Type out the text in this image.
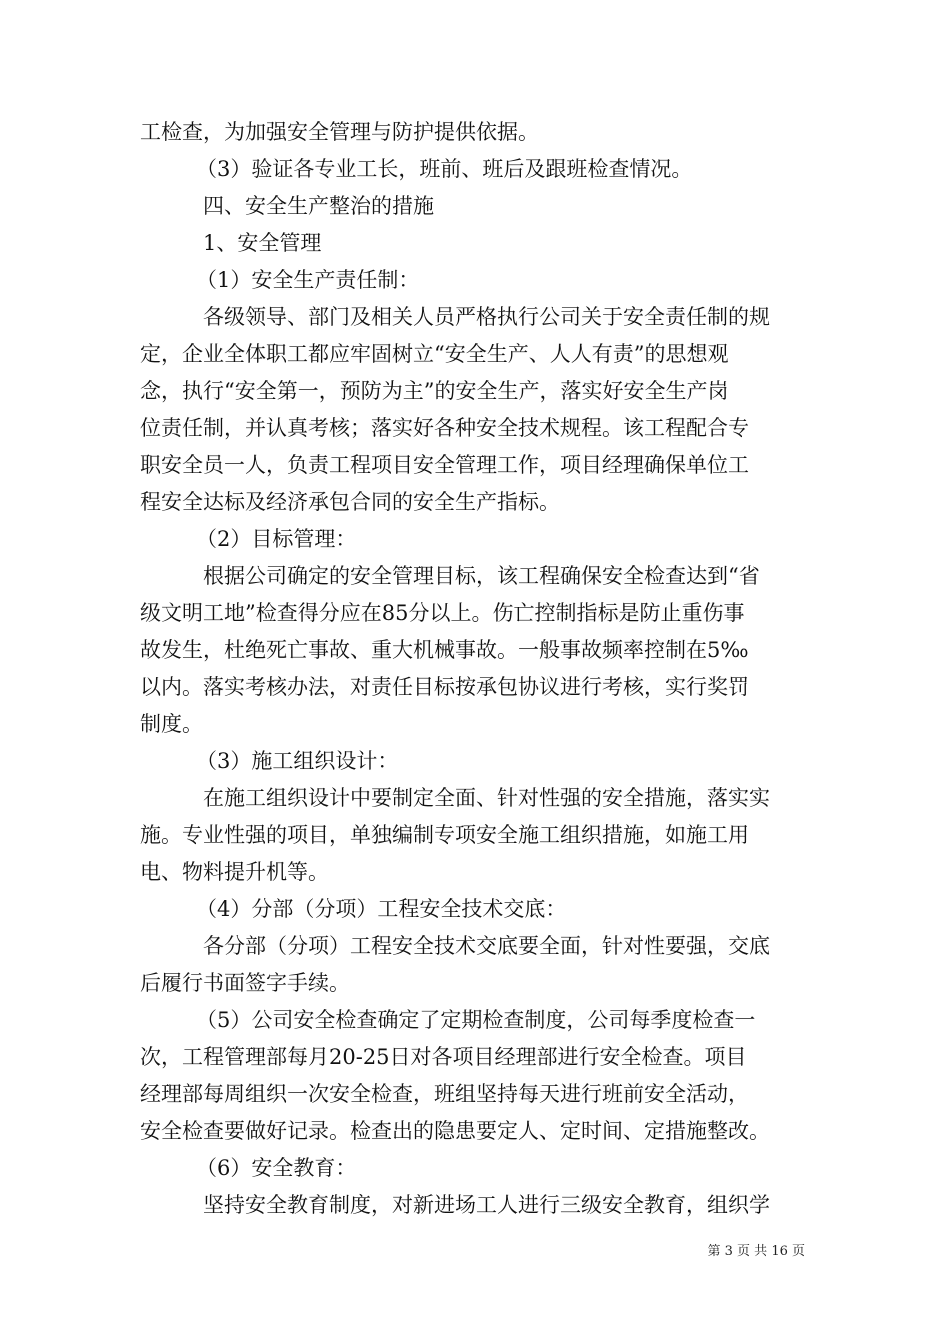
工检查，为加强安全管理与防护提供依据。
（3）验证各专业工长，班前、班后及跟班检查情况。
四、安全生产整治的措施
1、安全管理
（1）安全生产责任制：
各级领导、部门及相关人员严格执行公司关于安全责任制的规
定，企业全体职工都应牢固树立“安全生产、人人有责”的思想观
念，执行“安全第一，预防为主”的安全生产，落实好安全生产岗
位责任制，并认真考核；落实好各种安全技术规程。该工程配合专
职安全员一人，负责工程项目安全管理工作，项目经理确保单位工
程安全达标及经济承包合同的安全生产指标。
（2）目标管理：
根据公司确定的安全管理目标，该工程确保安全检查达到“省
级文明工地”检查得分应在85分以上。伤亡控制指标是防止重伤事
故发生，杜绝死亡事故、重大机械事故。一般事故频率控制在5‰
以内。落实考核办法，对责任目标按承包协议进行考核，实行奖罚
制度。
（3）施工组织设计：
在施工组织设计中要制定全面、针对性强的安全措施，落实实
施。专业性强的项目，单独编制专项安全施工组织措施，如施工用
电、物料提升机等。
（4）分部（分项）工程安全技术交底：
各分部（分项）工程安全技术交底要全面，针对性要强，交底
后履行书面签字手续。
（5）公司安全检查确定了定期检查制度，公司每季度检查一
次，工程管理部每月20-25日对各项目经理部进行安全检查。项目
经理部每周组织一次安全检查，班组坚持每天进行班前安全活动，
安全检查要做好记录。检查出的隐患要定人、定时间、定措施整改。
（6）安全教育：
坚持安全教育制度，对新进场工人进行三级安全教育，组织学
第 3 页 共 16 页
